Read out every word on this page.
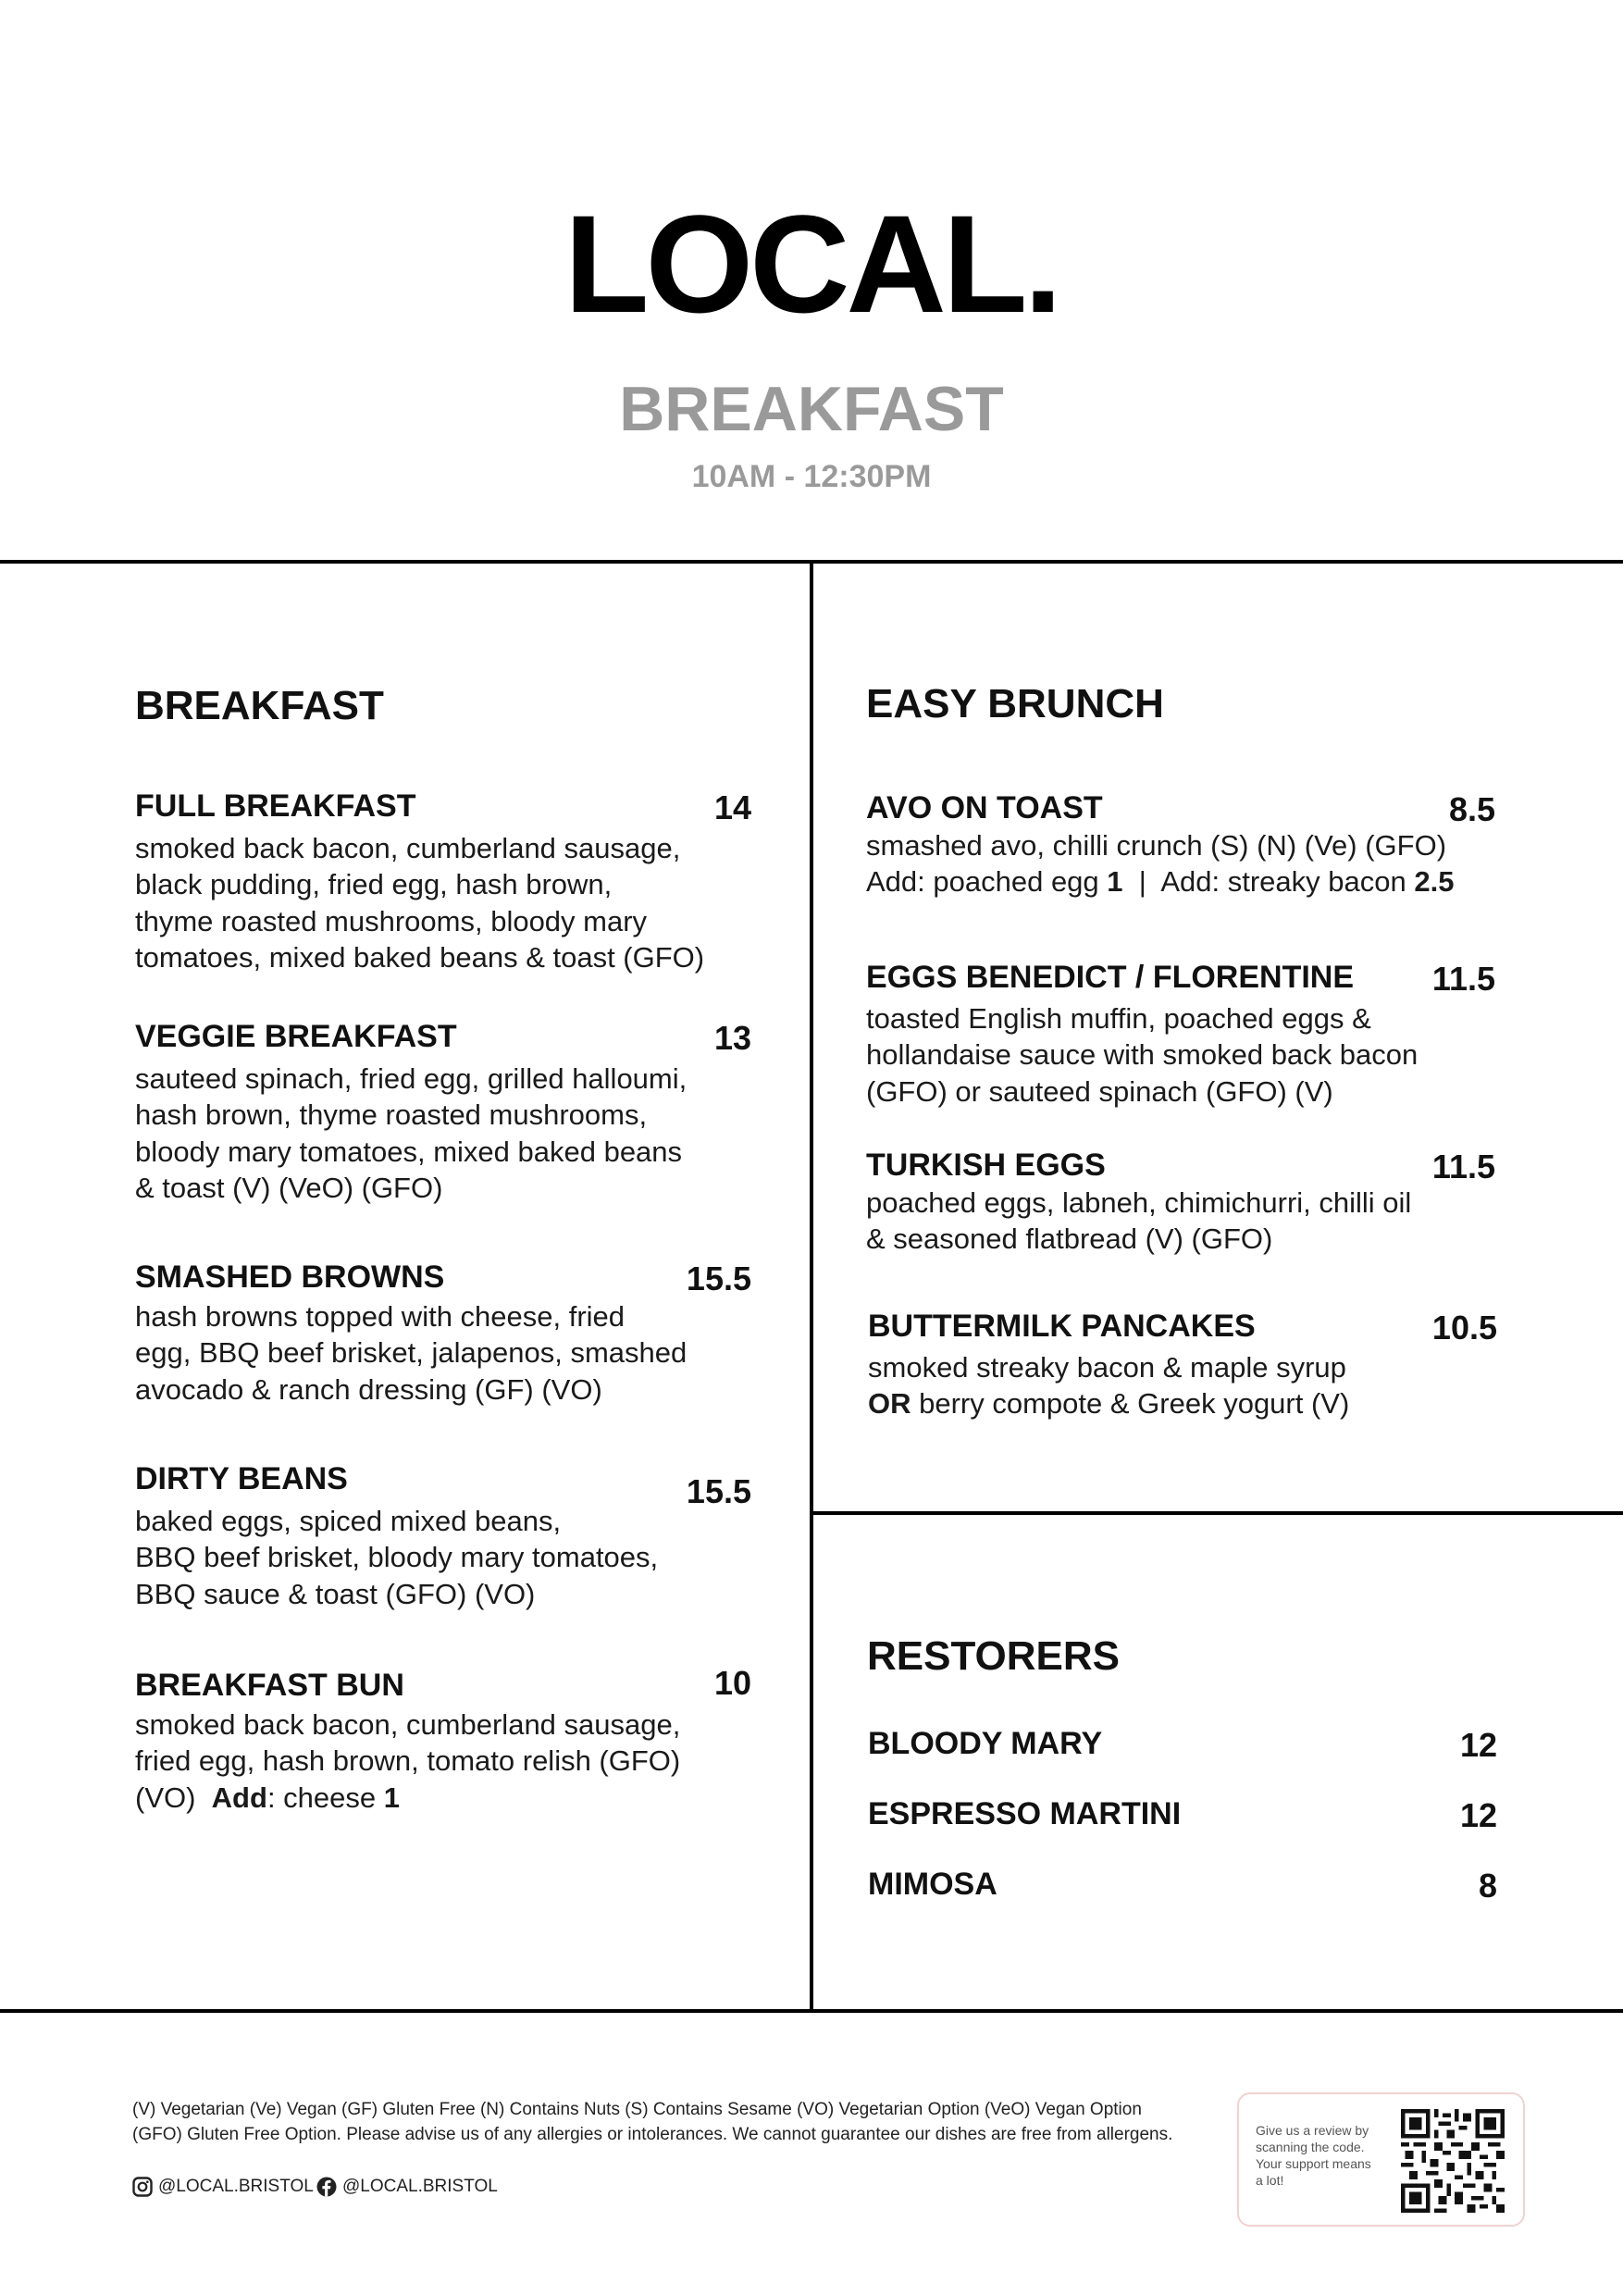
LOCAL.
BREAKFAST
10AM - 12:30PM
BREAKFAST
FULL BREAKFAST	14
smoked back bacon, cumberland sausage,
black pudding, fried egg, hash brown,
thyme roasted mushrooms, bloody mary
tomatoes, mixed baked beans & toast (GFO)
VEGGIE BREAKFAST	13
sauteed spinach, fried egg, grilled halloumi,
hash brown, thyme roasted mushrooms,
bloody mary tomatoes, mixed baked beans
& toast (V) (VeO) (GFO)
SMASHED BROWNS	15.5
hash browns topped with cheese, fried
egg, BBQ beef brisket, jalapenos, smashed
avocado & ranch dressing (GF) (VO)
DIRTY BEANS	15.5
baked eggs, spiced mixed beans,
BBQ beef brisket, bloody mary tomatoes,
BBQ sauce & toast (GFO) (VO)
BREAKFAST BUN	10
smoked back bacon, cumberland sausage,
fried egg, hash brown, tomato relish (GFO)
(VO) Add: cheese 1
EASY BRUNCH
AVO ON TOAST	8.5
smashed avo, chilli crunch (S) (N) (Ve) (GFO)
Add: poached egg 1 | Add: streaky bacon 2.5
EGGS BENEDICT / FLORENTINE	11.5
toasted English muffin, poached eggs &
hollandaise sauce with smoked back bacon
(GFO) or sauteed spinach (GFO) (V)
TURKISH EGGS	11.5
poached eggs, labneh, chimichurri, chilli oil
& seasoned flatbread (V) (GFO)
BUTTERMILK PANCAKES	10.5
smoked streaky bacon & maple syrup
OR berry compote & Greek yogurt (V)
RESTORERS
BLOODY MARY	12
ESPRESSO MARTINI	12
MIMOSA	8
(V) Vegetarian (Ve) Vegan (GF) Gluten Free (N) Contains Nuts (S) Contains Sesame (VO) Vegetarian Option (VeO) Vegan Option
(GFO) Gluten Free Option. Please advise us of any allergies or intolerances. We cannot guarantee our dishes are free from allergens.
@LOCAL.BRISTOL @LOCAL.BRISTOL
Give us a review by
scanning the code.
Your support means
a lot!
